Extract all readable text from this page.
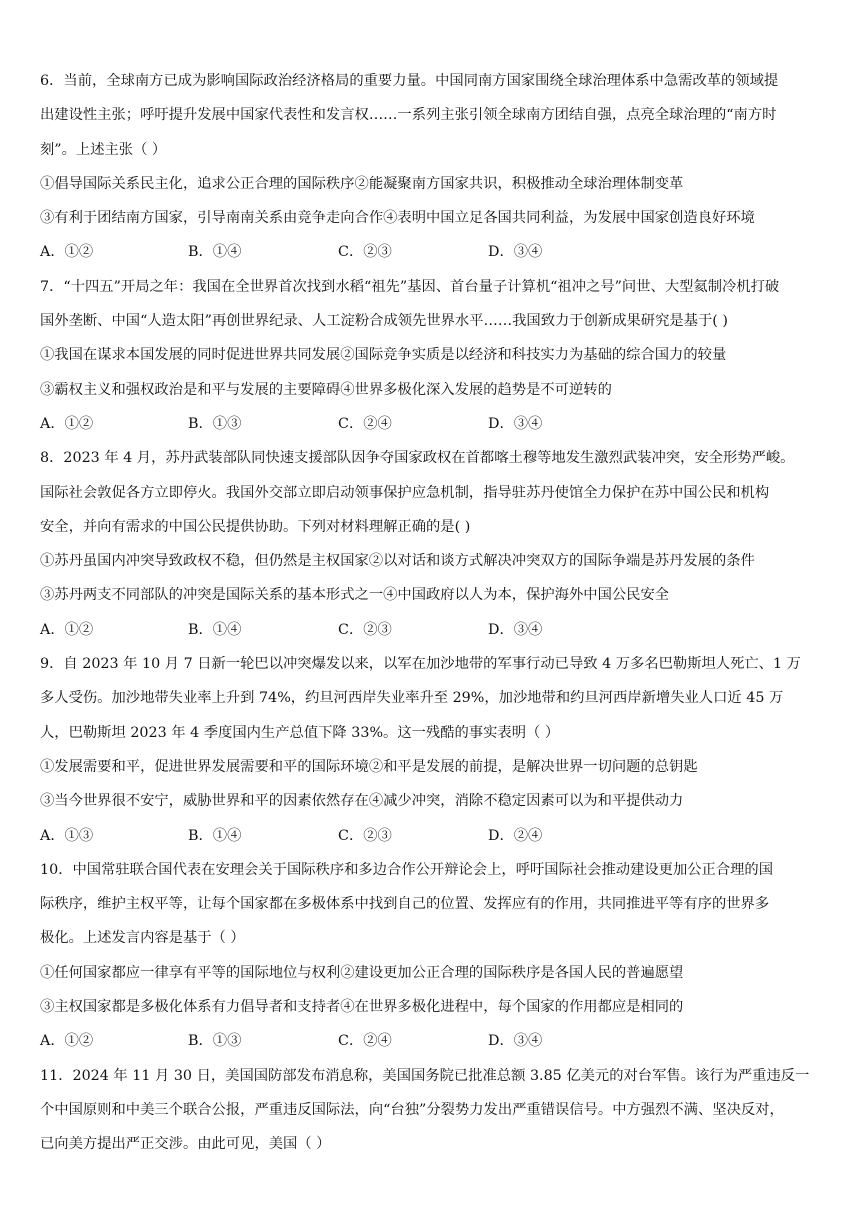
6．当前，全球南方已成为影响国际政治经济格局的重要力量。中国同南方国家围绕全球治理体系中急需改革的领域提
出建设性主张；呼吁提升发展中国家代表性和发言权……一系列主张引领全球南方团结自强，点亮全球治理的“南方时
刻”。上述主张（ ）
①倡导国际关系民主化，追求公正合理的国际秩序②能凝聚南方国家共识，积极推动全球治理体制变革
③有利于团结南方国家，引导南南关系由竞争走向合作④表明中国立足各国共同利益，为发展中国家创造良好环境
A．①②	B．①④	C．②③	D．③④
7．“十四五”开局之年：我国在全世界首次找到水稻“祖先”基因、首台量子计算机“祖冲之号”问世、大型氦制冷机打破
国外垄断、中国“人造太阳”再创世界纪录、人工淀粉合成领先世界水平……我国致力于创新成果研究是基于( )
①我国在谋求本国发展的同时促进世界共同发展②国际竞争实质是以经济和科技实力为基础的综合国力的较量
③霸权主义和强权政治是和平与发展的主要障碍④世界多极化深入发展的趋势是不可逆转的
A．①②	B．①③	C．②④	D．③④
8．2023 年 4 月，苏丹武装部队同快速支援部队因争夺国家政权在首都喀土穆等地发生激烈武装冲突，安全形势严峻。
国际社会敦促各方立即停火。我国外交部立即启动领事保护应急机制，指导驻苏丹使馆全力保护在苏中国公民和机构
安全，并向有需求的中国公民提供协助。下列对材料理解正确的是( )
①苏丹虽国内冲突导致政权不稳，但仍然是主权国家②以对话和谈方式解决冲突双方的国际争端是苏丹发展的条件
③苏丹两支不同部队的冲突是国际关系的基本形式之一④中国政府以人为本，保护海外中国公民安全
A．①②	B．①④	C．②③	D．③④
9．自 2023 年 10 月 7 日新一轮巴以冲突爆发以来，以军在加沙地带的军事行动已导致 4 万多名巴勒斯坦人死亡、1 万
多人受伤。加沙地带失业率上升到 74%，约旦河西岸失业率升至 29%，加沙地带和约旦河西岸新增失业人口近 45 万
人，巴勒斯坦 2023 年 4 季度国内生产总值下降 33%。这一残酷的事实表明（ ）
①发展需要和平，促进世界发展需要和平的国际环境②和平是发展的前提，是解决世界一切问题的总钥匙
③当今世界很不安宁，威胁世界和平的因素依然存在④减少冲突，消除不稳定因素可以为和平提供动力
A．①③	B．①④	C．②③	D．②④
10．中国常驻联合国代表在安理会关于国际秩序和多边合作公开辩论会上，呼吁国际社会推动建设更加公正合理的国
际秩序，维护主权平等，让每个国家都在多极体系中找到自己的位置、发挥应有的作用，共同推进平等有序的世界多
极化。上述发言内容是基于（ ）
①任何国家都应一律享有平等的国际地位与权利②建设更加公正合理的国际秩序是各国人民的普遍愿望
③主权国家都是多极化体系有力倡导者和支持者④在世界多极化进程中，每个国家的作用都应是相同的
A．①②	B．①③	C．②④	D．③④
11．2024 年 11 月 30 日，美国国防部发布消息称，美国国务院已批准总额 3.85 亿美元的对台军售。该行为严重违反一
个中国原则和中美三个联合公报，严重违反国际法，向“台独”分裂势力发出严重错误信号。中方强烈不满、坚决反对，
已向美方提出严正交涉。由此可见，美国（ ）
